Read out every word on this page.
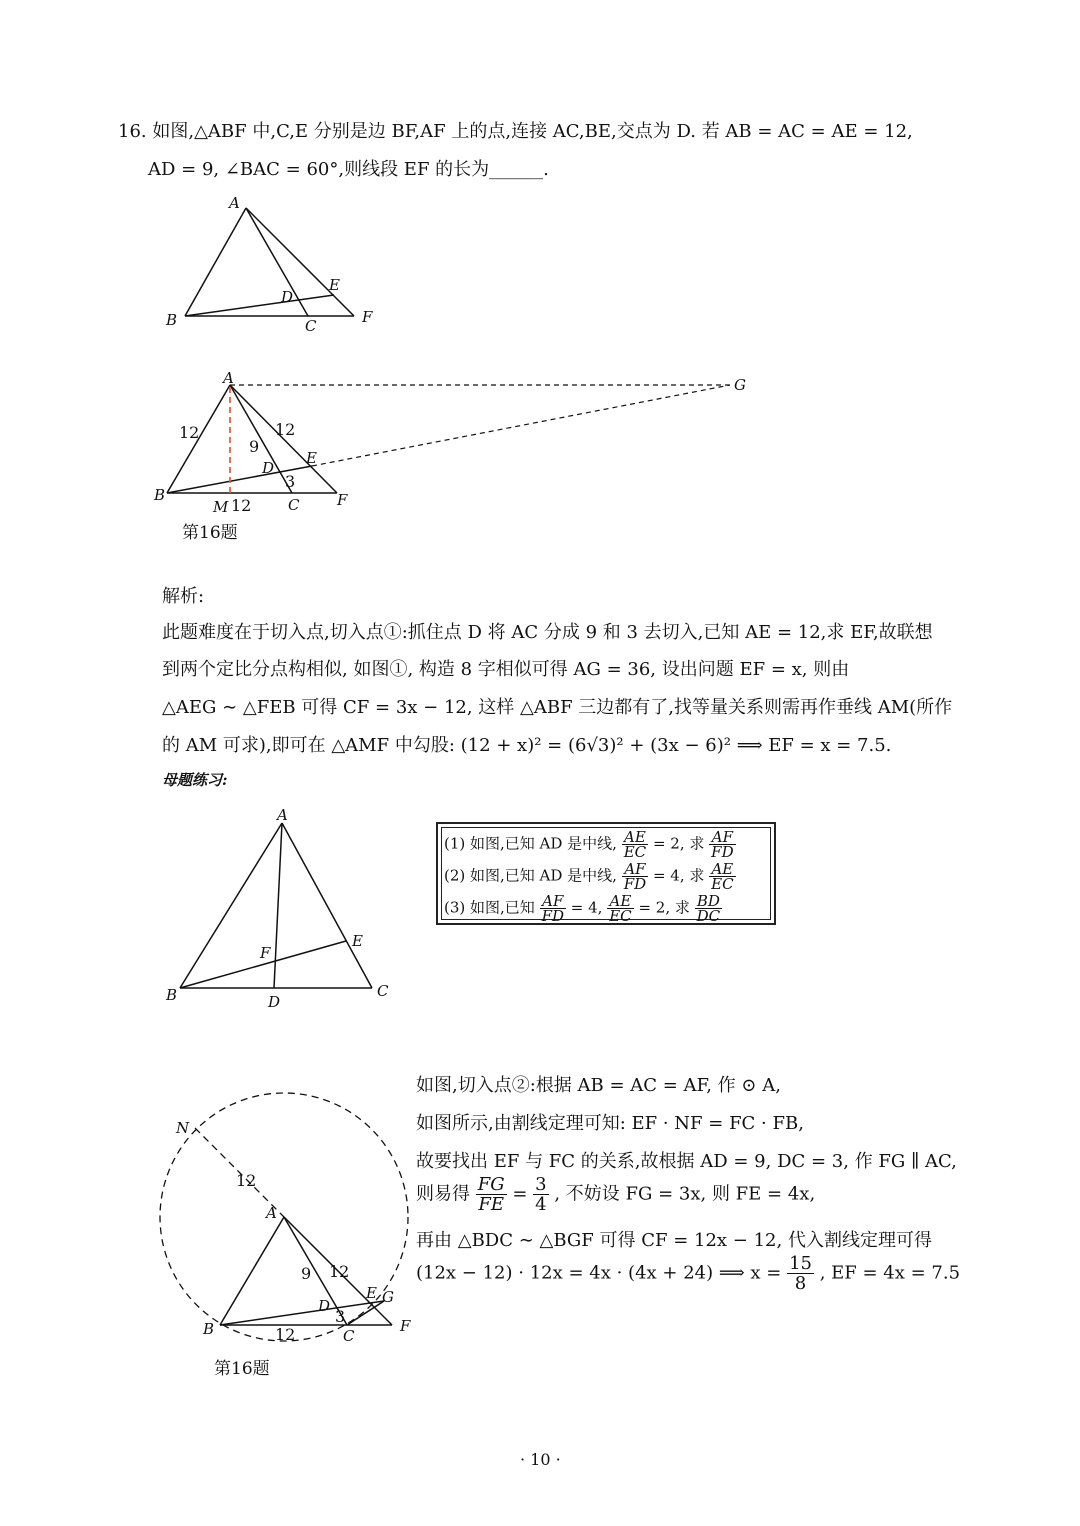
16. 如图,△ABF 中,C,E 分别是边 BF,AF 上的点,连接 AC,BE,交点为 D. 若 AB = AC = AE = 12,
AD = 9, ∠BAC = 60°,则线段 EF 的长为______.
A
B	C
D
E
F
A
B
C
D
E
F
G
M
12	12
9
3
12
第16题
解析:
此题难度在于切入点,切入点①:抓住点 D 将 AC 分成 9 和 3 去切入,已知 AE = 12,求 EF,故联想
到两个定比分点构相似, 如图①, 构造 8 字相似可得 AG = 36, 设出问题 EF = x, 则由
△AEG ∼ △FEB 可得 CF = 3x − 12, 这样 △ABF 三边都有了,找等量关系则需再作垂线 AM(所作
的 AM 可求),即可在 △AMF 中勾股: (12 + x)² = (6√3)² + (3x − 6)² ⟹ EF = x = 7.5.
母题练习:
A
B	C
D
E
F
(1) 如图,已知 AD 是中线, $\frac{AE}{EC} = 2$, 求 $\frac{AF}{FD}$
(2) 如图,已知 AD 是中线, $\frac{AF}{FD} = 4$, 求 $\frac{AE}{EC}$
(3) 如图,已知 $\frac{AF}{FD} = 4$, $\frac{AE}{EC} = 2$, 求 $\frac{BD}{DC}$
如图,切入点②:根据 AB = AC = AF, 作 ⊙ A,
如图所示,由割线定理可知: EF · NF = FC · FB,
故要找出 EF 与 FC 的关系,故根据 AD = 9, DC = 3, 作 FG ∥ AC,
则易得 $\frac{FG}{FE} = \frac{3}{4}$ , 不妨设 FG = 3x, 则 FE = 4x,
再由 △BDC ∼ △BGF 可得 CF = 12x − 12, 代入割线定理可得
(12x − 12) · 12x = 4x · (4x + 24) ⟹ $x = \frac{15}{8}$ , EF = 4x = 7.5
N
A
B	C
D
E
F
G
12
9 12
3
12
第16题
· 10 ·
